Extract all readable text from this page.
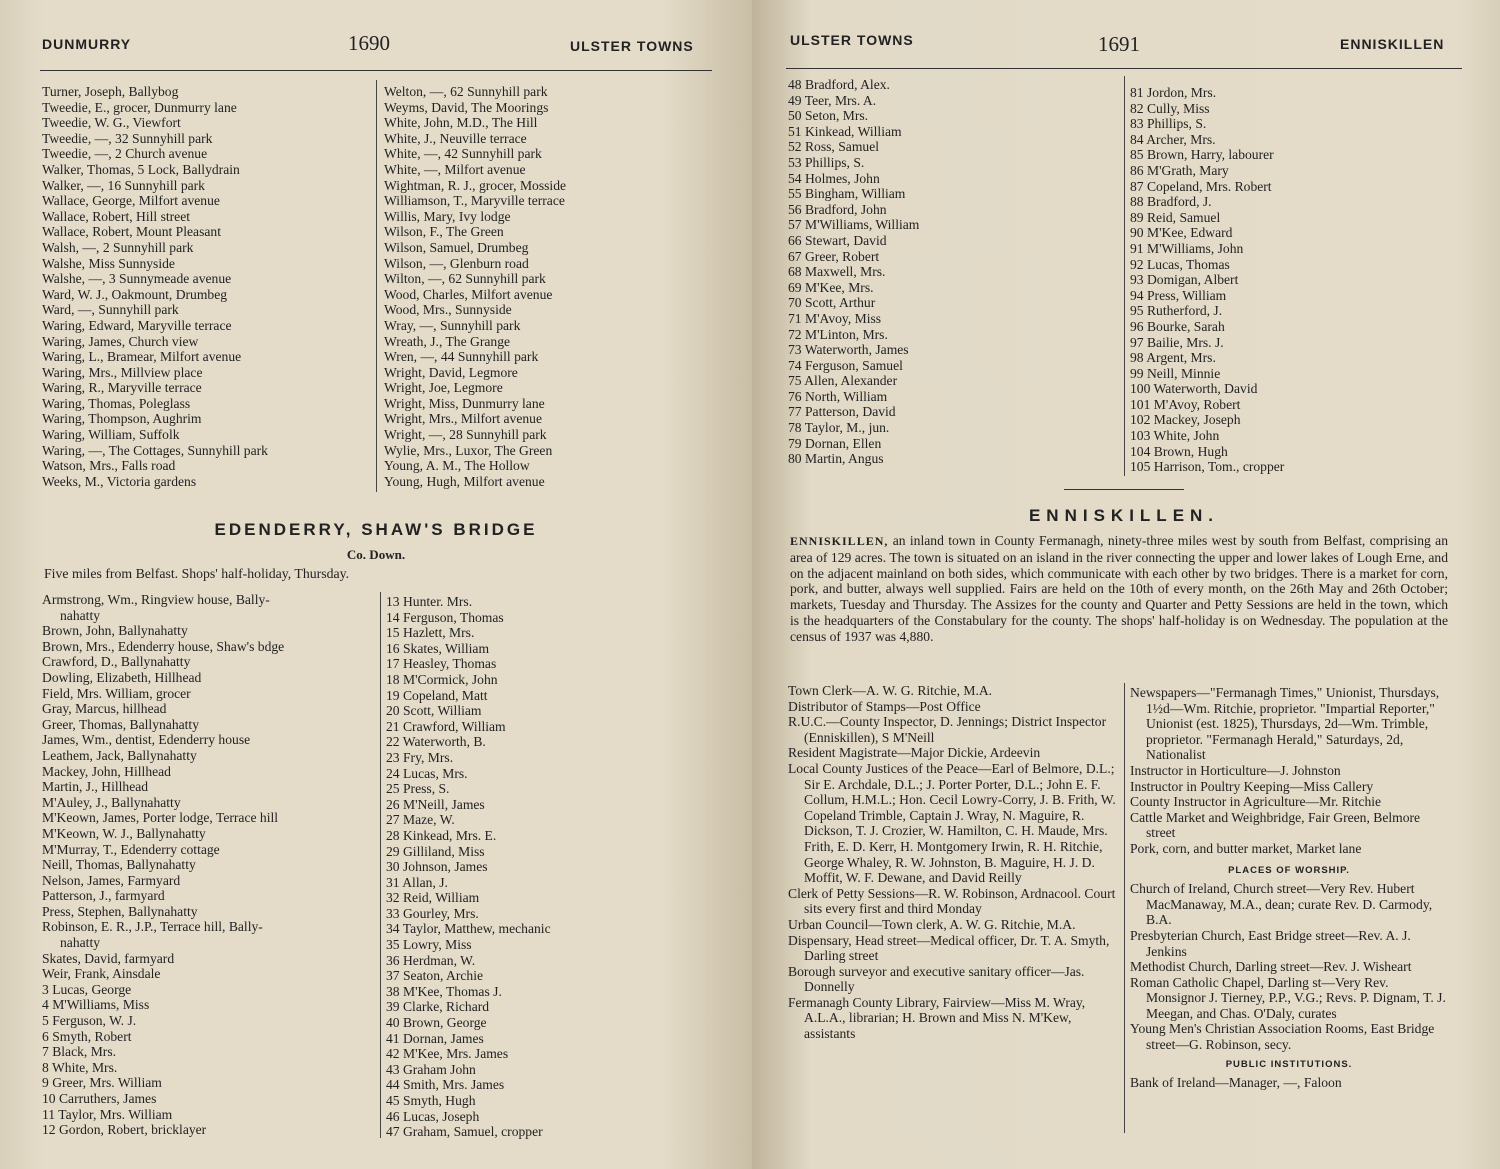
DUNMURRY	1690	ULSTER TOWNS
Turner, Joseph, Ballybog
Tweedie, E., grocer, Dunmurry lane
Tweedie, W. G., Viewfort
Tweedie, —, 32 Sunnyhill park
Tweedie, —, 2 Church avenue
Walker, Thomas, 5 Lock, Ballydrain
Walker, —, 16 Sunnyhill park
Wallace, George, Milfort avenue
Wallace, Robert, Hill street
Wallace, Robert, Mount Pleasant
Walsh, —, 2 Sunnyhill park
Walshe, Miss Sunnyside
Walshe, —, 3 Sunnymeade avenue
Ward, W. J., Oakmount, Drumbeg
Ward, —, Sunnyhill park
Waring, Edward, Maryville terrace
Waring, James, Church view
Waring, L., Bramear, Milfort avenue
Waring, Mrs., Millview place
Waring, R., Maryville terrace
Waring, Thomas, Poleglass
Waring, Thompson, Aughrim
Waring, William, Suffolk
Waring, —, The Cottages, Sunnyhill park
Watson, Mrs., Falls road
Weeks, M., Victoria gardens
Welton, —, 62 Sunnyhill park
Weyms, David, The Moorings
White, John, M.D., The Hill
White, J., Neuville terrace
White, —, 42 Sunnyhill park
White, —, Milfort avenue
Wightman, R. J., grocer, Mosside
Williamson, T., Maryville terrace
Willis, Mary, Ivy lodge
Wilson, F., The Green
Wilson, Samuel, Drumbeg
Wilson, —, Glenburn road
Wilton, —, 62 Sunnyhill park
Wood, Charles, Milfort avenue
Wood, Mrs., Sunnyside
Wray, —, Sunnyhill park
Wreath, J., The Grange
Wren, —, 44 Sunnyhill park
Wright, David, Legmore
Wright, Joe, Legmore
Wright, Miss, Dunmurry lane
Wright, Mrs., Milfort avenue
Wright, —, 28 Sunnyhill park
Wylie, Mrs., Luxor, The Green
Young, A. M., The Hollow
Young, Hugh, Milfort avenue
EDENDERRY, SHAW'S BRIDGE
Co. Down.
Five miles from Belfast. Shops' half-holiday, Thursday.
Armstrong, Wm., Ringview house, Bally-
nahatty
Brown, John, Ballynahatty
Brown, Mrs., Edenderry house, Shaw's bdge
Crawford, D., Ballynahatty
Dowling, Elizabeth, Hillhead
Field, Mrs. William, grocer
Gray, Marcus, hillhead
Greer, Thomas, Ballynahatty
James, Wm., dentist, Edenderry house
Leathem, Jack, Ballynahatty
Mackey, John, Hillhead
Martin, J., Hillhead
M'Auley, J., Ballynahatty
M'Keown, James, Porter lodge, Terrace hill
M'Keown, W. J., Ballynahatty
M'Murray, T., Edenderry cottage
Neill, Thomas, Ballynahatty
Nelson, James, Farmyard
Patterson, J., farmyard
Press, Stephen, Ballynahatty
Robinson, E. R., J.P., Terrace hill, Bally-
nahatty
Skates, David, farmyard
Weir, Frank, Ainsdale
3 Lucas, George
4 M'Williams, Miss
5 Ferguson, W. J.
6 Smyth, Robert
7 Black, Mrs.
8 White, Mrs.
9 Greer, Mrs. William
10 Carruthers, James
11 Taylor, Mrs. William
12 Gordon, Robert, bricklayer
13 Hunter. Mrs.
14 Ferguson, Thomas
15 Hazlett, Mrs.
16 Skates, William
17 Heasley, Thomas
18 M'Cormick, John
19 Copeland, Matt
20 Scott, William
21 Crawford, William
22 Waterworth, B.
23 Fry, Mrs.
24 Lucas, Mrs.
25 Press, S.
26 M'Neill, James
27 Maze, W.
28 Kinkead, Mrs. E.
29 Gilliland, Miss
30 Johnson, James
31 Allan, J.
32 Reid, William
33 Gourley, Mrs.
34 Taylor, Matthew, mechanic
35 Lowry, Miss
36 Herdman, W.
37 Seaton, Archie
38 M'Kee, Thomas J.
39 Clarke, Richard
40 Brown, George
41 Dornan, James
42 M'Kee, Mrs. James
43 Graham John
44 Smith, Mrs. James
45 Smyth, Hugh
46 Lucas, Joseph
47 Graham, Samuel, cropper
ULSTER TOWNS	1691	ENNISKILLEN
48 Bradford, Alex.
49 Teer, Mrs. A.
50 Seton, Mrs.
51 Kinkead, William
52 Ross, Samuel
53 Phillips, S.
54 Holmes, John
55 Bingham, William
56 Bradford, John
57 M'Williams, William
66 Stewart, David
67 Greer, Robert
68 Maxwell, Mrs.
69 M'Kee, Mrs.
70 Scott, Arthur
71 M'Avoy, Miss
72 M'Linton, Mrs.
73 Waterworth, James
74 Ferguson, Samuel
75 Allen, Alexander
76 North, William
77 Patterson, David
78 Taylor, M., jun.
79 Dornan, Ellen
80 Martin, Angus
81 Jordon, Mrs.
82 Cully, Miss
83 Phillips, S.
84 Archer, Mrs.
85 Brown, Harry, labourer
86 M'Grath, Mary
87 Copeland, Mrs. Robert
88 Bradford, J.
89 Reid, Samuel
90 M'Kee, Edward
91 M'Williams, John
92 Lucas, Thomas
93 Domigan, Albert
94 Press, William
95 Rutherford, J.
96 Bourke, Sarah
97 Bailie, Mrs. J.
98 Argent, Mrs.
99 Neill, Minnie
100 Waterworth, David
101 M'Avoy, Robert
102 Mackey, Joseph
103 White, John
104 Brown, Hugh
105 Harrison, Tom., cropper
ENNISKILLEN.
ENNISKILLEN, an inland town in County Fermanagh, ninety-three miles west by south from Belfast, comprising an area of 129 acres. The town is situated on an island in the river connecting the upper and lower lakes of Lough Erne, and on the adjacent mainland on both sides, which communicate with each other by two bridges. There is a market for corn, pork, and butter, always well supplied. Fairs are held on the 10th of every month, on the 26th May and 26th October; markets, Tuesday and Thursday. The Assizes for the county and Quarter and Petty Sessions are held in the town, which is the headquarters of the Constabulary for the county. The shops' half-holiday is on Wednesday. The population at the census of 1937 was 4,880.
Town Clerk—A. W. G. Ritchie, M.A.
Distributor of Stamps—Post Office
R.U.C.—County Inspector, D. Jennings; District Inspector (Enniskillen), S M'Neill
Resident Magistrate—Major Dickie, Ardeevin
Local County Justices of the Peace—Earl of Belmore, D.L.; Sir E. Archdale, D.L.; J. Porter Porter, D.L.; John E. F. Collum, H.M.L.; Hon. Cecil Lowry-Corry, J. B. Frith, W. Copeland Trimble, Captain J. Wray, N. Maguire, R. Dickson, T. J. Crozier, W. Hamilton, C. H. Maude, Mrs. Frith, E. D. Kerr, H. Montgomery Irwin, R. H. Ritchie, George Whaley, R. W. Johnston, B. Maguire, H. J. D. Moffit, W. F. Dewane, and David Reilly
Clerk of Petty Sessions—R. W. Robinson, Ardnacool. Court sits every first and third Monday
Urban Council—Town clerk, A. W. G. Ritchie, M.A.
Dispensary, Head street—Medical officer, Dr. T. A. Smyth, Darling street
Borough surveyor and executive sanitary officer—Jas. Donnelly
Fermanagh County Library, Fairview—Miss M. Wray, A.L.A., librarian; H. Brown and Miss N. M'Kew, assistants
Newspapers—"Fermanagh Times," Unionist, Thursdays, 1½d—Wm. Ritchie, proprietor. "Impartial Reporter," Unionist (est. 1825), Thursdays, 2d—Wm. Trimble, proprietor. "Fermanagh Herald," Saturdays, 2d, Nationalist
Instructor in Horticulture—J. Johnston
Instructor in Poultry Keeping—Miss Callery
County Instructor in Agriculture—Mr. Ritchie
Cattle Market and Weighbridge, Fair Green, Belmore street
Pork, corn, and butter market, Market lane
PLACES OF WORSHIP.
Church of Ireland, Church street—Very Rev. Hubert MacManaway, M.A., dean; curate Rev. D. Carmody, B.A.
Presbyterian Church, East Bridge street—Rev. A. J. Jenkins
Methodist Church, Darling street—Rev. J. Wisheart
Roman Catholic Chapel, Darling st—Very Rev. Monsignor J. Tierney, P.P., V.G.; Revs. P. Dignam, T. J. Meegan, and Chas. O'Daly, curates
Young Men's Christian Association Rooms, East Bridge street—G. Robinson, secy.
PUBLIC INSTITUTIONS.
Bank of Ireland—Manager, —, Faloon
